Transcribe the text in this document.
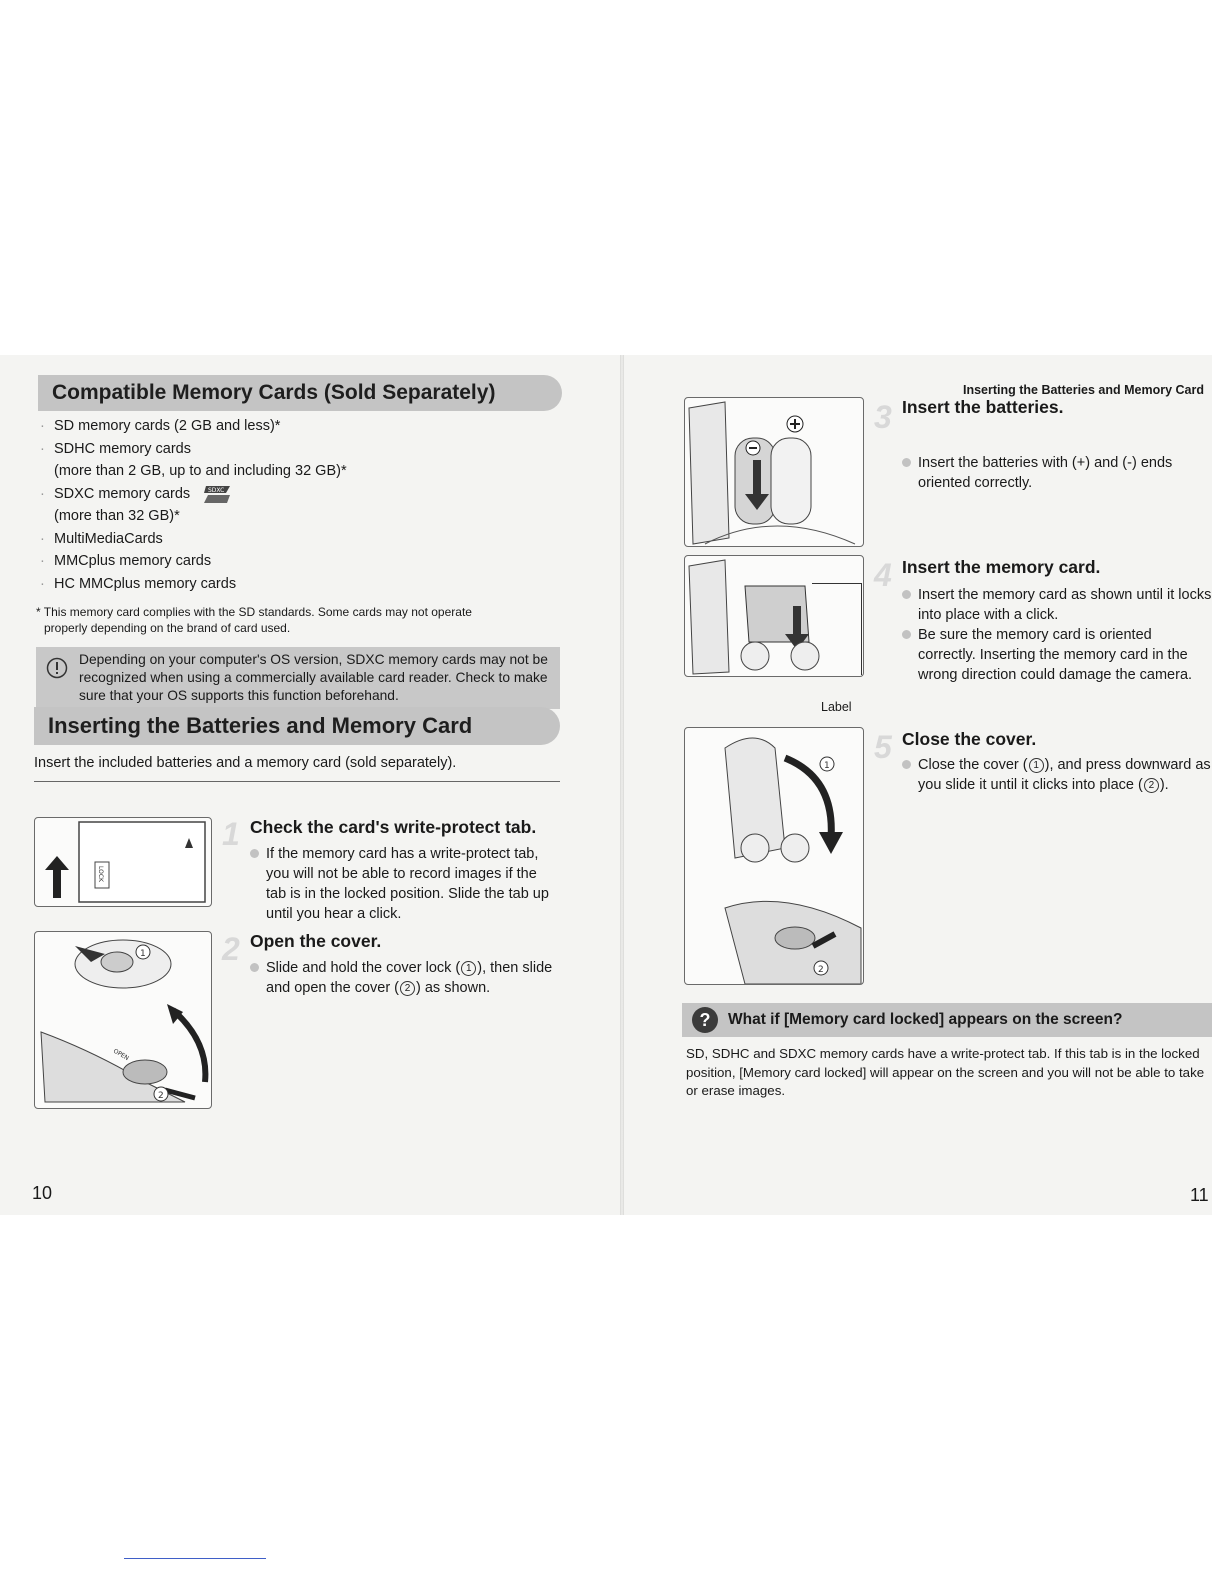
Compatible Memory Cards (Sold Separately)
· SD memory cards (2 GB and less)*
· SDHC memory cards
(more than 2 GB, up to and including 32 GB)*
· SDXC memory cards	SDXC
(more than 32 GB)*
· MultiMediaCards
· MMCplus memory cards
· HC MMCplus memory cards
* This memory card complies with the SD standards. Some cards may not operate
properly depending on the brand of card used.
Depending on your computer's OS version, SDXC memory cards may not be recognized when using a commercially available card reader. Check to make sure that your OS supports this function beforehand.
Inserting the Batteries and Memory Card
Insert the included batteries and a memory card (sold separately).
LOCK
1 Check the card's write-protect tab.
If the memory card has a write-protect tab, you will not be able to record images if the tab is in the locked position. Slide the tab up until you hear a click.
1
OPEN
2
2 Open the cover.
Slide and hold the cover lock ( 1 ), then slide and open the cover ( 2 ) as shown.
10
Inserting the Batteries and Memory Card
3 Insert the batteries.
Insert the batteries with (+) and (-) ends oriented correctly.
Label
4 Insert the memory card.
Insert the memory card as shown until it locks into place with a click.
Be sure the memory card is oriented correctly. Inserting the memory card in the wrong direction could damage the camera.
1
2
5 Close the cover.
Close the cover ( 1 ), and press downward as you slide it until it clicks into place ( 2 ).
?	What if [Memory card locked] appears on the screen?
SD, SDHC and SDXC memory cards have a write-protect tab. If this tab is in the locked position, [Memory card locked] will appear on the screen and you will not be able to take or erase images.
11
